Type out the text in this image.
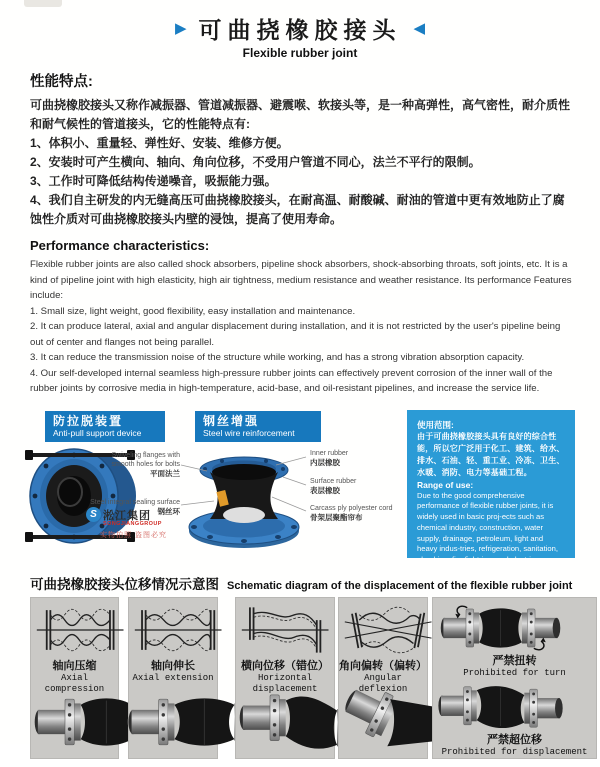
▶ 可曲挠橡胶接头 ◀
Flexible rubber joint
性能特点:
可曲挠橡胶接头又称作减振器、管道减振器、避震喉、软接头等，是一种高弹性，高气密性，耐介质性和耐气候性的管道接头，它的性能特点有:
1、体积小、重量轻、弹性好、安装、维修方便。
2、安装时可产生横向、轴向、角向位移，不受用户管道不同心，法兰不平行的限制。
3、工作时可降低结构传递噪音，吸振能力强。
4、我们自主研发的内无缝高压可曲挠橡胶接头，在耐高温、耐酸碱、耐油的管道中更有效地防止了腐蚀性介质对可曲挠橡胶接头内壁的浸蚀，提高了使用寿命。
Performance characteristics:
Flexible rubber joints are also called shock absorbers, pipeline shock absorbers, shock-absorbing throats, soft joints, etc. It is a kind of pipeline joint with high elasticity, high air tightness, medium resistance and weather resistance. Its performance Features include:
1. Small size, light weight, good flexibility, easy installation and maintenance.
2. It can produce lateral, axial and angular displacement during installation, and it is not restricted by the user's pipeline being out of center and flanges not being parallel.
3. It can reduce the transmission noise of the structure while working, and has a strong vibration absorption capacity.
4. Our self-developed internal seamless high-pressure rubber joints can effectively prevent corrosion of the inner wall of the rubber joints by corrosive media in high-temperature, acid-base, and oil-resistant pipelines, and increase the service life.
防拉脱装置
Anti-pull support device
钢丝增强
Steel wire reinforcement
Swiveling flanges with
smooth holes for bolts
平面法兰
Steel integral sealing surface
钢丝环
Inner rubber
内层橡胶
Surface rubber
表层橡胶
Carcass ply polyester cord
骨架层聚酯帘布
S 淞江集团
SONGJIANGGROUP
实物拍照 盗图必究
使用范围:
由于可曲挠橡胶接头具有良好的综合性能，所以它广泛用于化工、建筑、给水、排水、石油、轻、重工业、冷冻、卫生、水暖、消防、电力等基础工程。
Range of use:
Due to the good comprehensive performance of flexible rubber joints, it is widely used in basic proj-ects such as chemical industry, construction, water supply, drainage, petroleum, light and heavy indus-tries, refrigeration, sanitation, plumbing, fire fight-ing, and electric power.
可曲挠橡胶接头位移情况示意图 Schematic diagram of the displacement of the flexible rubber joint
轴向压缩
Axial compression
轴向伸长
Axial extension
横向位移（错位）
Horizontal displacement
角向偏转（偏转）
Angular deflexion
严禁扭转
Prohibited for turn
严禁超位移
Prohibited for displacement
